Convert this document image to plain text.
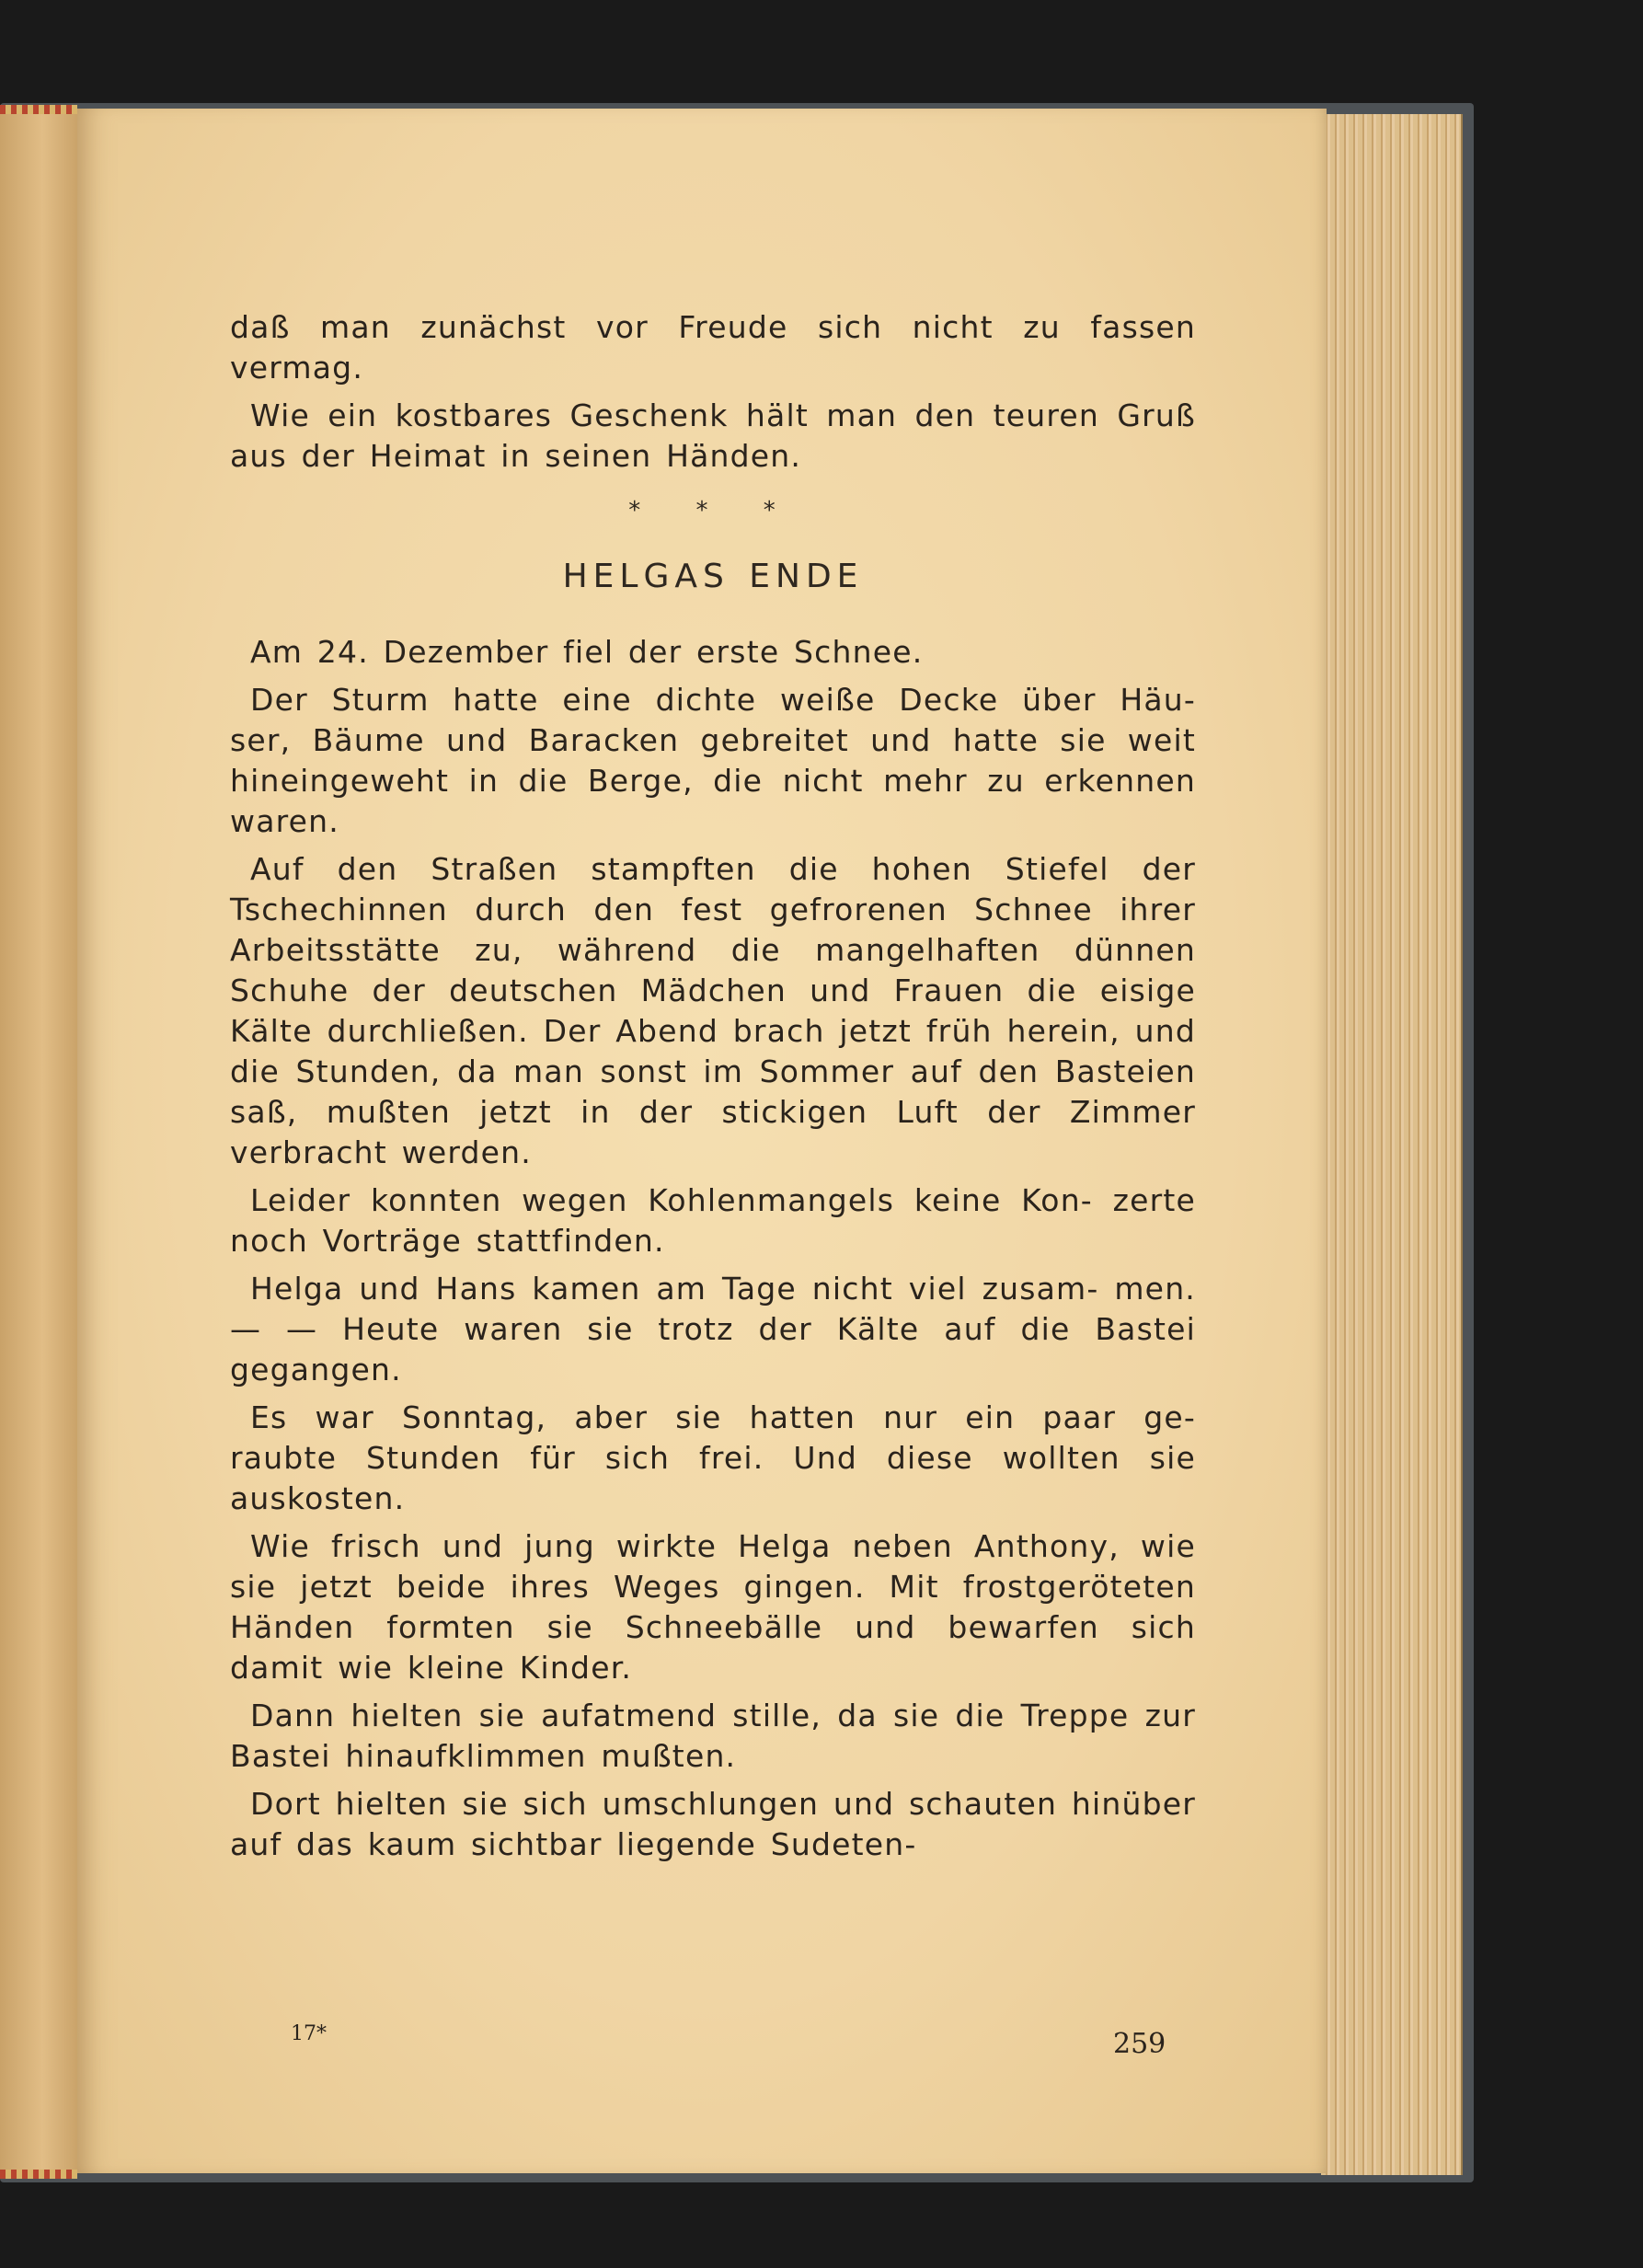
daß man zunächst vor Freude sich nicht zu fassen vermag.

Wie ein kostbares Geschenk hält man den teuren Gruß aus der Heimat in seinen Händen.

* * *
HELGAS ENDE

Am 24. Dezember fiel der erste Schnee.

Der Sturm hatte eine dichte weiße Decke über Häu- ser, Bäume und Baracken gebreitet und hatte sie weit hineingeweht in die Berge, die nicht mehr zu erkennen waren.

Auf den Straßen stampften die hohen Stiefel der Tschechinnen durch den fest gefrorenen Schnee ihrer Arbeitsstätte zu, während die mangelhaften dünnen Schuhe der deutschen Mädchen und Frauen die eisige Kälte durchließen. Der Abend brach jetzt früh herein, und die Stunden, da man sonst im Sommer auf den Basteien saß, mußten jetzt in der stickigen Luft der Zimmer verbracht werden.

Leider konnten wegen Kohlenmangels keine Kon- zerte noch Vorträge stattfinden.

Helga und Hans kamen am Tage nicht viel zusam- men. — — Heute waren sie trotz der Kälte auf die Bastei gegangen.

Es war Sonntag, aber sie hatten nur ein paar ge- raubte Stunden für sich frei. Und diese wollten sie auskosten.

Wie frisch und jung wirkte Helga neben Anthony, wie sie jetzt beide ihres Weges gingen. Mit frostgeröteten Händen formten sie Schneebälle und bewarfen sich damit wie kleine Kinder.

Dann hielten sie aufatmend stille, da sie die Treppe zur Bastei hinaufklimmen mußten.

Dort hielten sie sich umschlungen und schauten hinüber auf das kaum sichtbar liegende Sudeten-

17*	259
